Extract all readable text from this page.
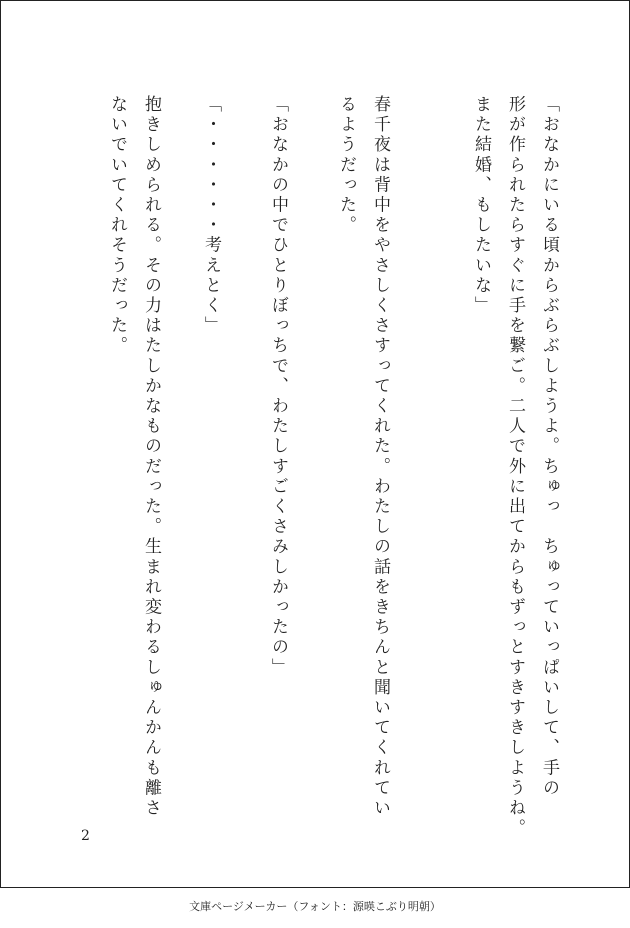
「おなかにいる頃からぶらぶしようよ。ちゅっ　ちゅっていっぱいして、手の
形が作られたらすぐに手を繋ご。二人で外に出てからもずっとすきすきしようね。
また結婚、もしたいな」
春千夜は背中をやさしくさすってくれた。わたしの話をきちんと聞いてくれてい
るようだった。
「おなかの中でひとりぼっちで、わたしすごくさみしかったの」
「・・・・・・考えとく」
抱きしめられる。その力はたしかなものだった。生まれ変わるしゅんかんも離さ
ないでいてくれそうだった。
2
文庫ページメーカー（フォント：源暎こぶり明朝）
